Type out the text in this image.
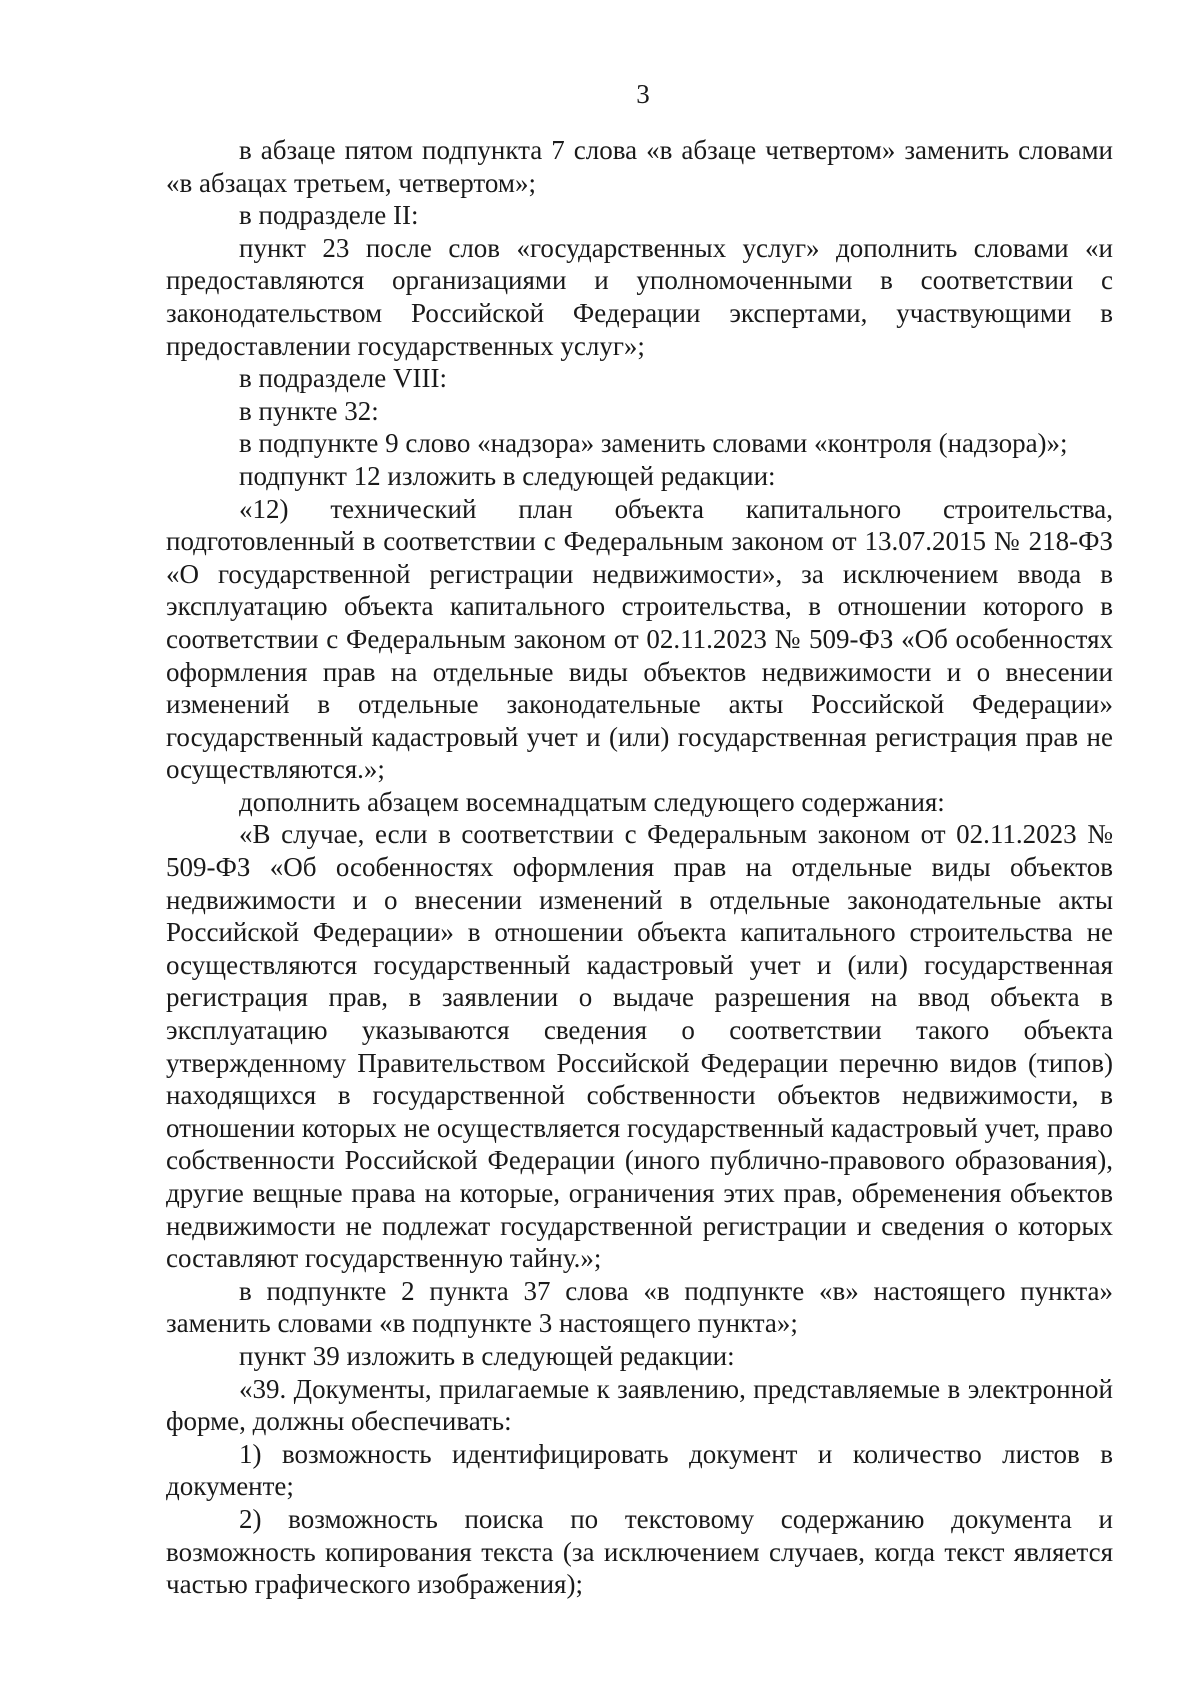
3

в абзаце пятом подпункта 7 слова «в абзаце четвертом» заменить словами «в абзацах третьем, четвертом»;

в подразделе II:

пункт 23 после слов «государственных услуг» дополнить словами «и предоставляются организациями и уполномоченными в соответствии с законодательством Российской Федерации экспертами, участвующими в предоставлении государственных услуг»;

в подразделе VIII:

в пункте 32:

в подпункте 9 слово «надзора» заменить словами «контроля (надзора)»;

подпункт 12 изложить в следующей редакции:

«12) технический план объекта капитального строительства, подготовленный в соответствии с Федеральным законом от 13.07.2015 № 218-ФЗ «О государственной регистрации недвижимости», за исключением ввода в эксплуатацию объекта капитального строительства, в отношении которого в соответствии с Федеральным законом от 02.11.2023 № 509-ФЗ «Об особенностях оформления прав на отдельные виды объектов недвижимости и о внесении изменений в отдельные законодательные акты Российской Федерации» государственный кадастровый учет и (или) государственная регистрация прав не осуществляются.»;

дополнить абзацем восемнадцатым следующего содержания:

«В случае, если в соответствии с Федеральным законом от 02.11.2023 № 509-ФЗ «Об особенностях оформления прав на отдельные виды объектов недвижимости и о внесении изменений в отдельные законодательные акты Российской Федерации» в отношении объекта капитального строительства не осуществляются государственный кадастровый учет и (или) государственная регистрация прав, в заявлении о выдаче разрешения на ввод объекта в эксплуатацию указываются сведения о соответствии такого объекта утвержденному Правительством Российской Федерации перечню видов (типов) находящихся в государственной собственности объектов недвижимости, в отношении которых не осуществляется государственный кадастровый учет, право собственности Российской Федерации (иного публично-правового образования), другие вещные права на которые, ограничения этих прав, обременения объектов недвижимости не подлежат государственной регистрации и сведения о которых составляют государственную тайну.»;

в подпункте 2 пункта 37 слова «в подпункте «в» настоящего пункта» заменить словами «в подпункте 3 настоящего пункта»;

пункт 39 изложить в следующей редакции:

«39. Документы, прилагаемые к заявлению, представляемые в электронной форме, должны обеспечивать:

1) возможность идентифицировать документ и количество листов в документе;

2) возможность поиска по текстовому содержанию документа и возможность копирования текста (за исключением случаев, когда текст является частью графического изображения);
